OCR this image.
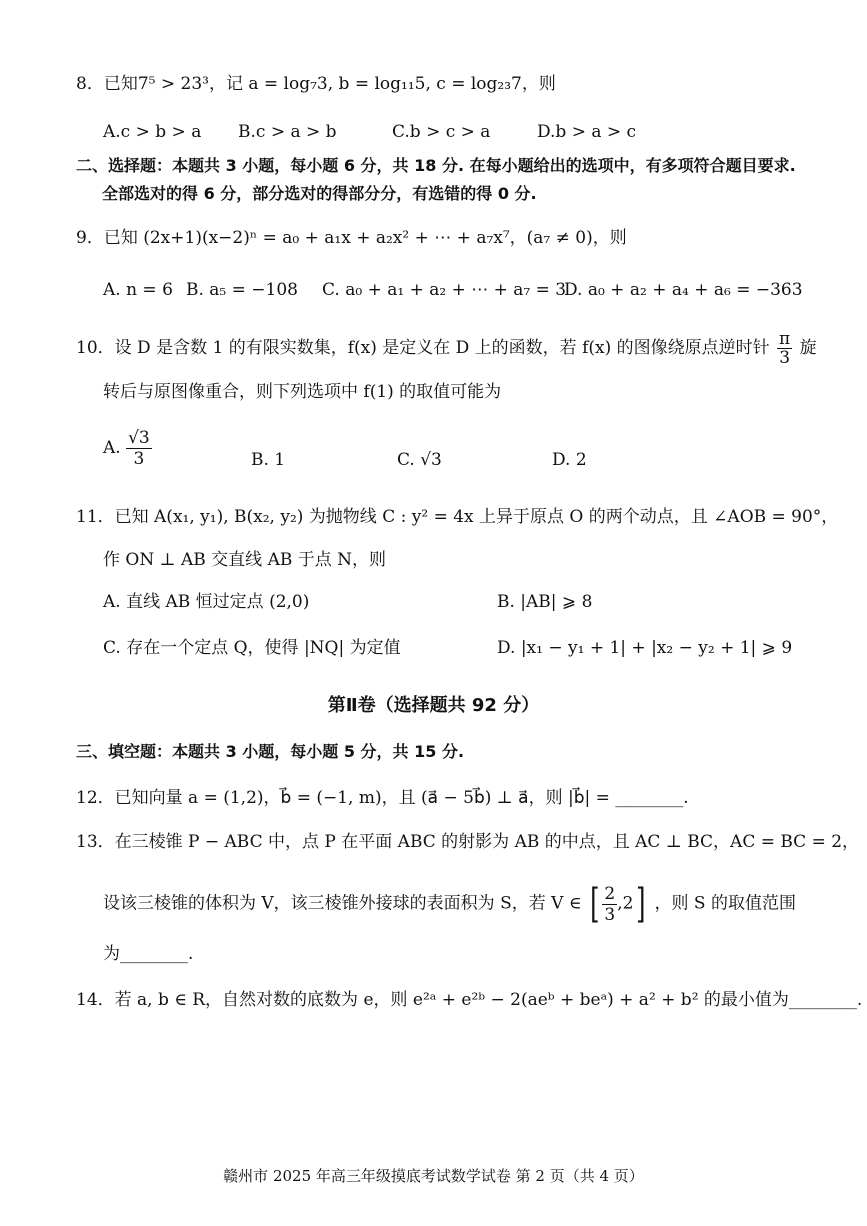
8．已知7⁵ > 23³，记 a = log₇3, b = log₁₁5, c = log₂₃7，则
A.c > b > a B.c > a > b	C.b > c > a	D.b > a > c
二、选择题：本题共 3 小题，每小题 6 分，共 18 分. 在每小题给出的选项中，有多项符合题目要求.
全部选对的得 6 分，部分选对的得部分分，有选错的得 0 分.
9．已知 (2x+1)(x−2)ⁿ = a₀ + a₁x + a₂x² + ⋯ + a₇x⁷，(a₇ ≠ 0)，则
A. n = 6 B. a₅ = −108 C. a₀ + a₁ + a₂ + ⋯ + a₇ = 3
D. a₀ + a₂ + a₄ + a₆ = −363
10．设 D 是含数 1 的有限实数集，f(x) 是定义在 D 上的函数，若 f(x) 的图像绕原点逆时针 $\frac{\pi}{3}$ 旋
转后与原图像重合，则下列选项中 f(1) 的取值可能为
A. $\frac{√3}{3}$	B. 1	C. √3	D. 2
11．已知 A(x₁, y₁), B(x₂, y₂) 为抛物线 C : y² = 4x 上异于原点 O 的两个动点，且 ∠AOB = 90°，
作 ON ⊥ AB 交直线 AB 于点 N，则
A. 直线 AB 恒过定点 (2,0)	B. |AB| ⩾ 8
C. 存在一个定点 Q，使得 |NQ| 为定值	D. |x₁ − y₁ + 1| + |x₂ − y₂ + 1| ⩾ 9
第Ⅱ卷（选择题共 92 分）
三、填空题：本题共 3 小题，每小题 5 分，共 15 分.
12．已知向量 a = (1,2)，b⃗ = (−1, m)，且 (a⃗ − 5b⃗) ⊥ a⃗，则 |b⃗| = ________.
13．在三棱锥 P − ABC 中，点 P 在平面 ABC 的射影为 AB 的中点，且 AC ⊥ BC，AC = BC = 2，
设该三棱锥的体积为 V，该三棱锥外接球的表面积为 S，若 V ∈ [ $\frac{2}{3} ,2$] ，则 S 的取值范围
为________.
14．若 a, b ∈ R，自然对数的底数为 e，则 e²ᵃ + e²ᵇ − 2(aeᵇ + beᵃ) + a² + b² 的最小值为________.
赣州市 2025 年高三年级摸底考试数学试卷 第 2 页（共 4 页）
